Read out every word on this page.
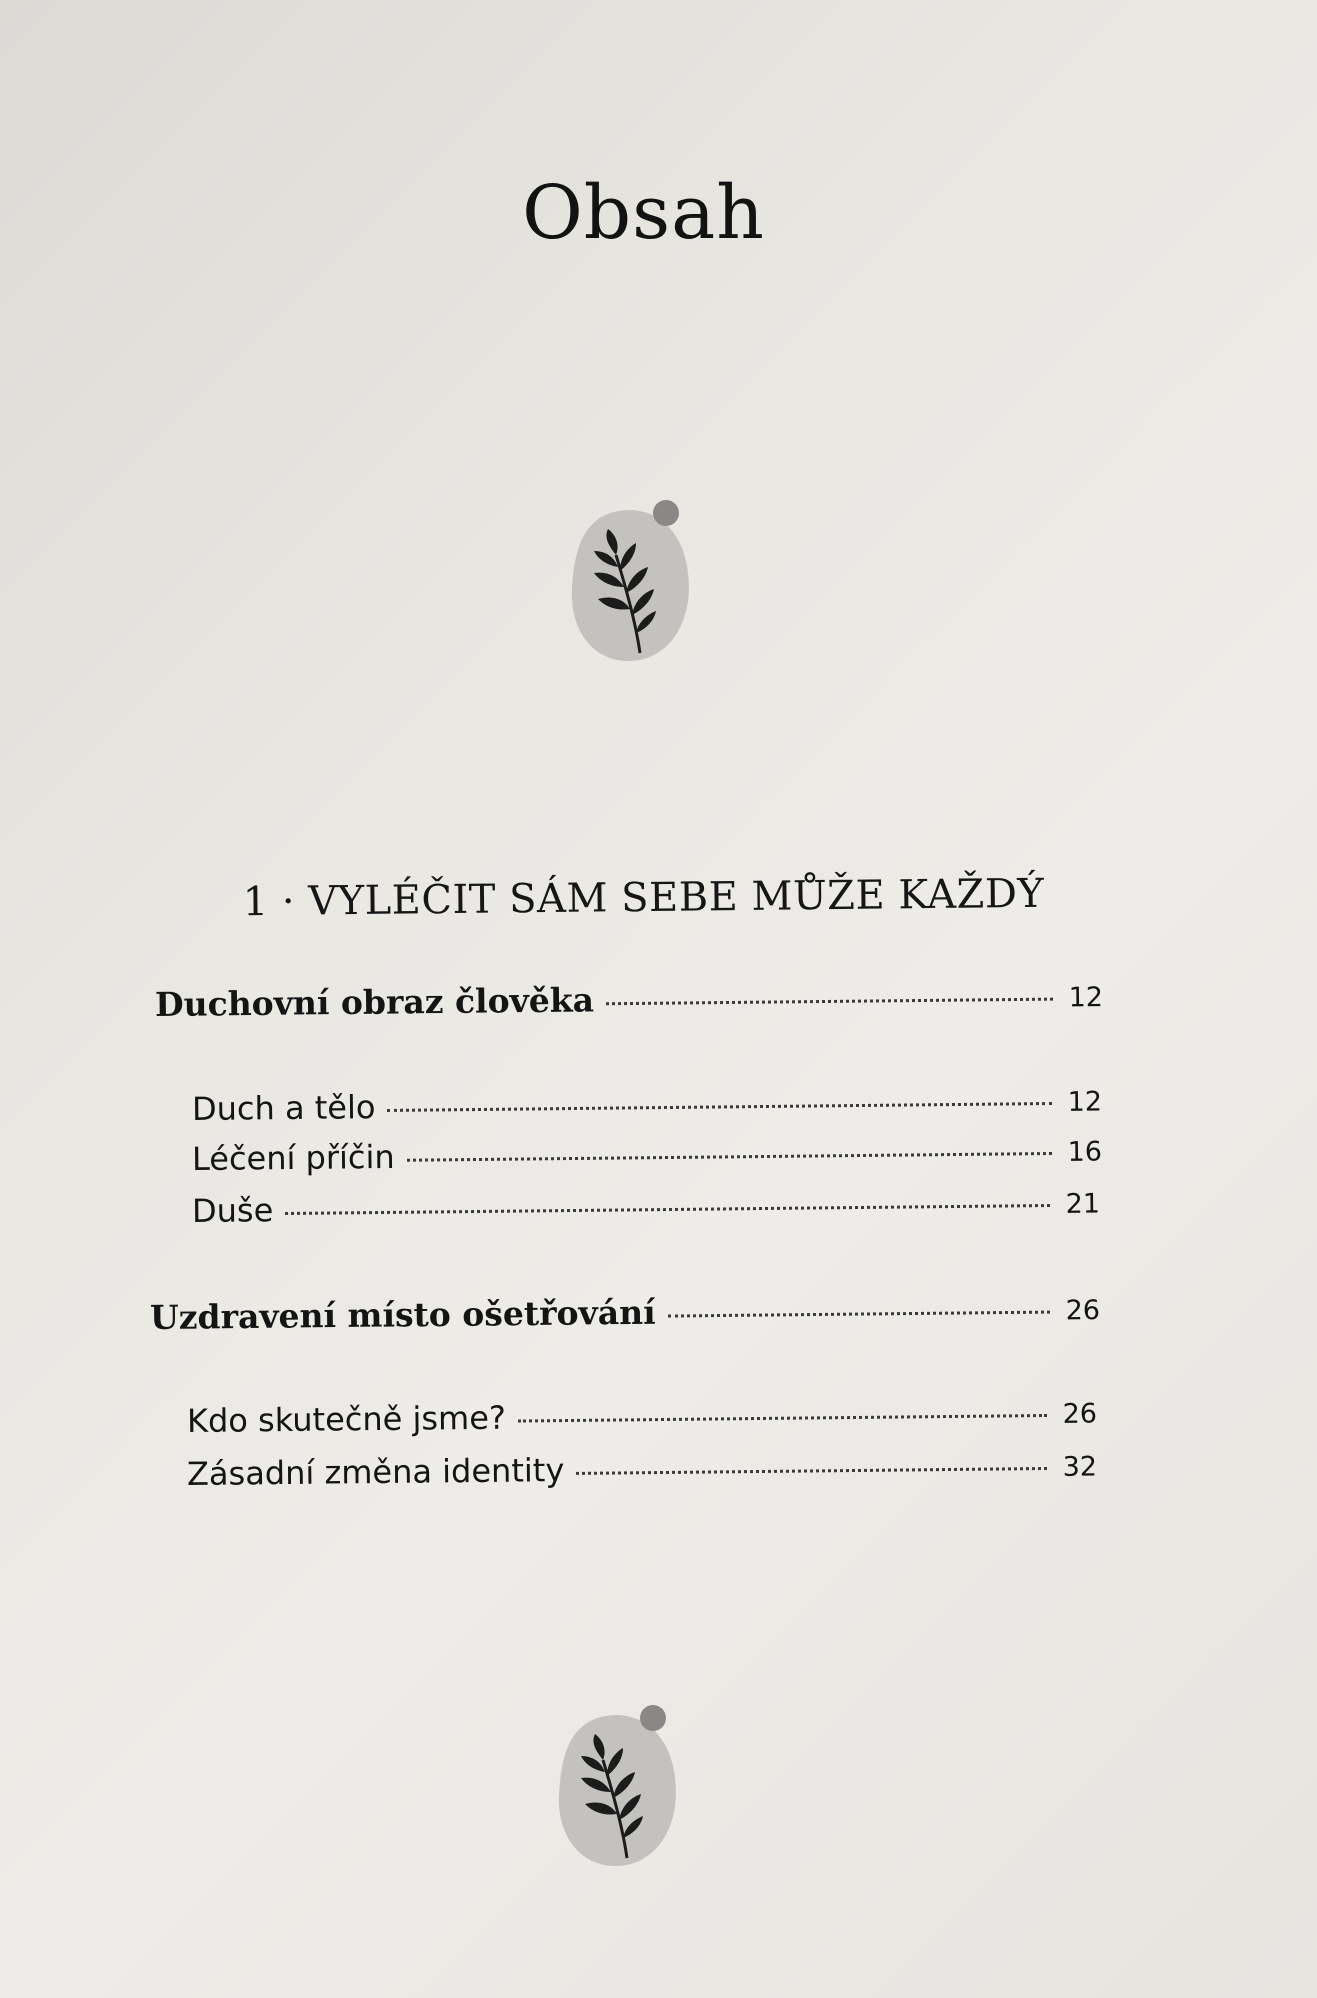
Obsah
1 · VYLÉČIT SÁM SEBE MŮŽE KAŽDÝ
Duchovní obraz člověka	12
Duch a tělo	12
Léčení příčin	16
Duše	21
Uzdravení místo ošetřování	26
Kdo skutečně jsme?	26
Zásadní změna identity	32
